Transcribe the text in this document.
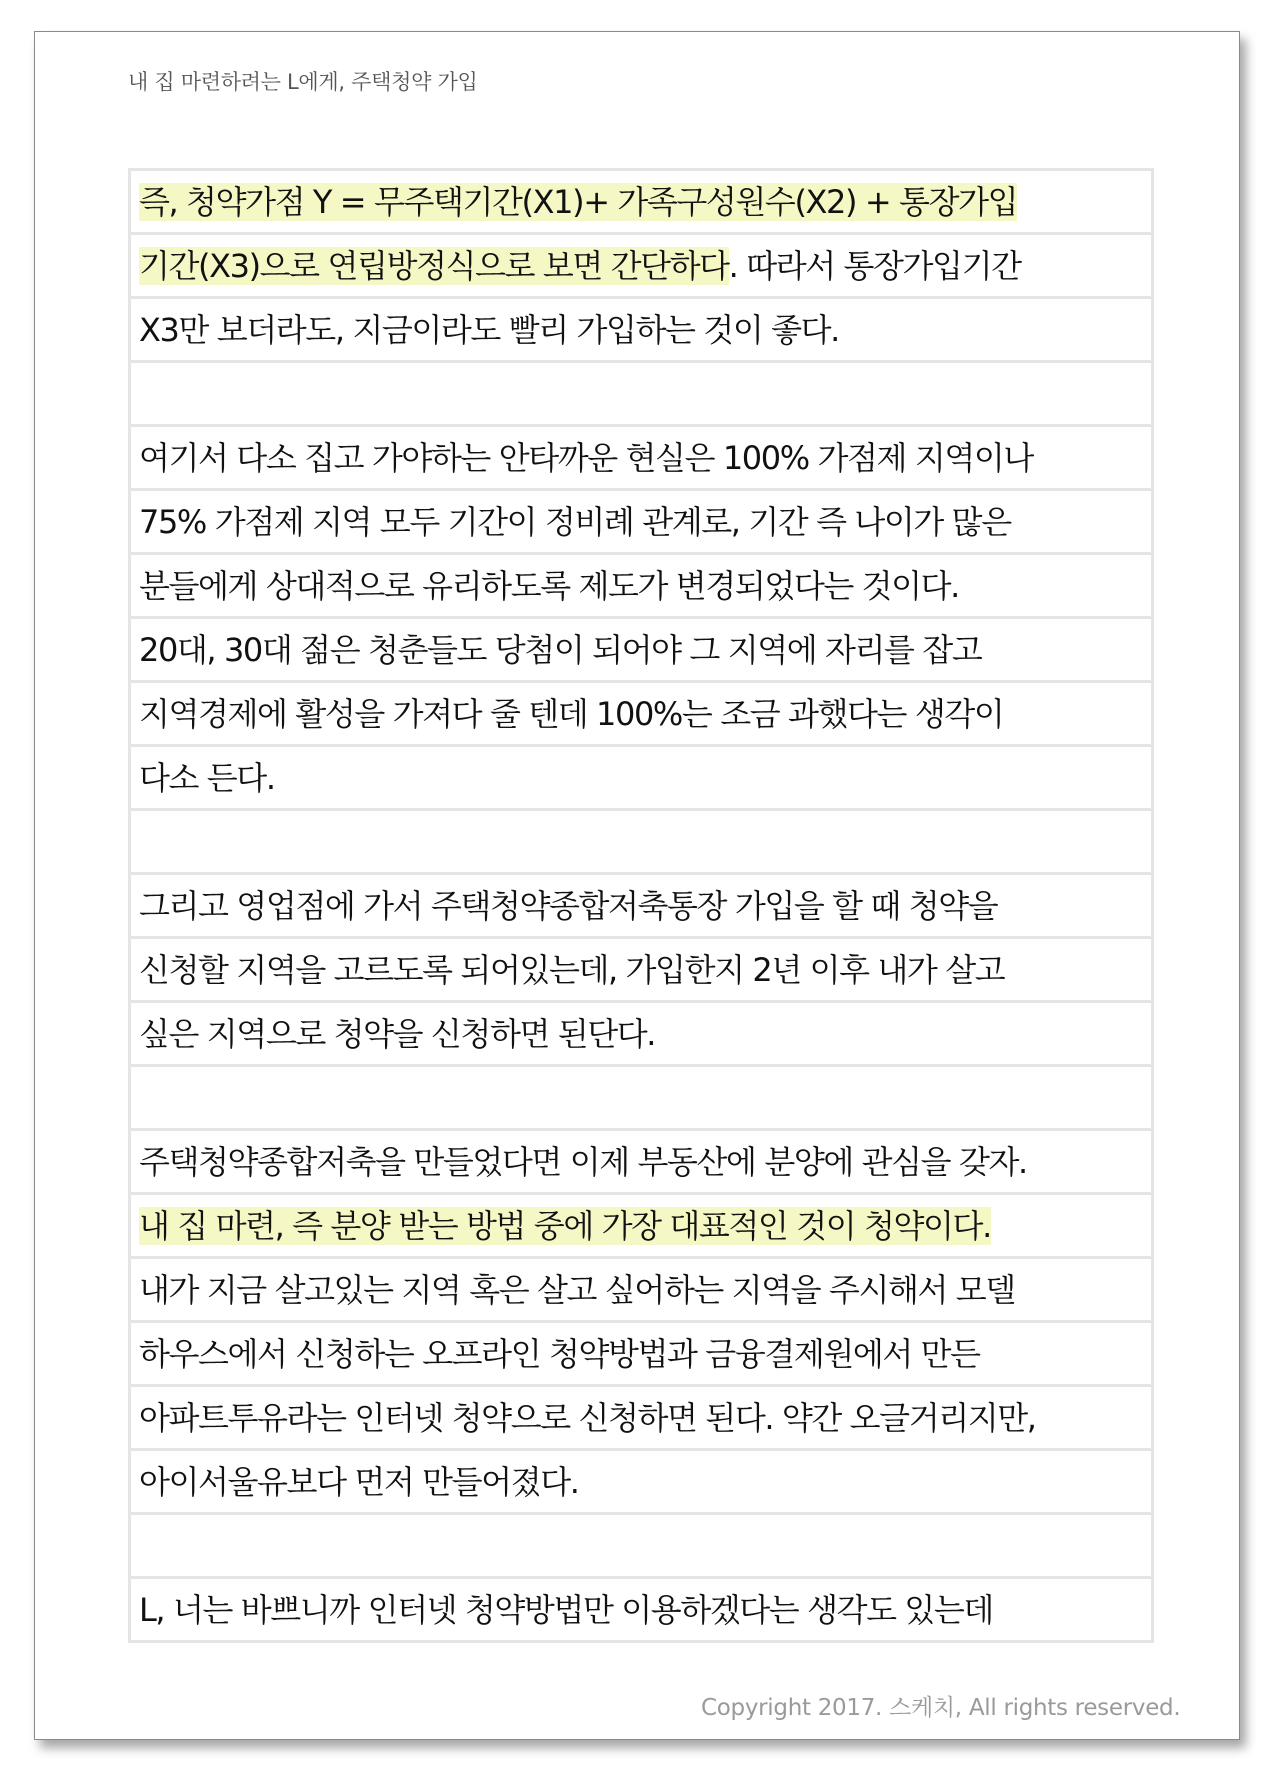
내 집 마련하려는 L에게, 주택청약 가입
즉, 청약가점 Y = 무주택기간(X1)+ 가족구성원수(X2) + 통장가입
기간(X3)으로 연립방정식으로 보면 간단하다. 따라서 통장가입기간
X3만 보더라도, 지금이라도 빨리 가입하는 것이 좋다.
여기서 다소 집고 가야하는 안타까운 현실은 100% 가점제 지역이나
75% 가점제 지역 모두 기간이 정비례 관계로, 기간 즉 나이가 많은
분들에게 상대적으로 유리하도록 제도가 변경되었다는 것이다.
20대, 30대 젊은 청춘들도 당첨이 되어야 그 지역에 자리를 잡고
지역경제에 활성을 가져다 줄 텐데 100%는 조금 과했다는 생각이
다소 든다.
그리고 영업점에 가서 주택청약종합저축통장 가입을 할 때 청약을
신청할 지역을 고르도록 되어있는데, 가입한지 2년 이후 내가 살고
싶은 지역으로 청약을 신청하면 된단다.
주택청약종합저축을 만들었다면 이제 부동산에 분양에 관심을 갖자.
내 집 마련, 즉 분양 받는 방법 중에 가장 대표적인 것이 청약이다.
내가 지금 살고있는 지역 혹은 살고 싶어하는 지역을 주시해서 모델
하우스에서 신청하는 오프라인 청약방법과 금융결제원에서 만든
아파트투유라는 인터넷 청약으로 신청하면 된다. 약간 오글거리지만,
아이서울유보다 먼저 만들어졌다.
L, 너는 바쁘니까 인터넷 청약방법만 이용하겠다는 생각도 있는데
Copyright 2017. 스케치, All rights reserved.
